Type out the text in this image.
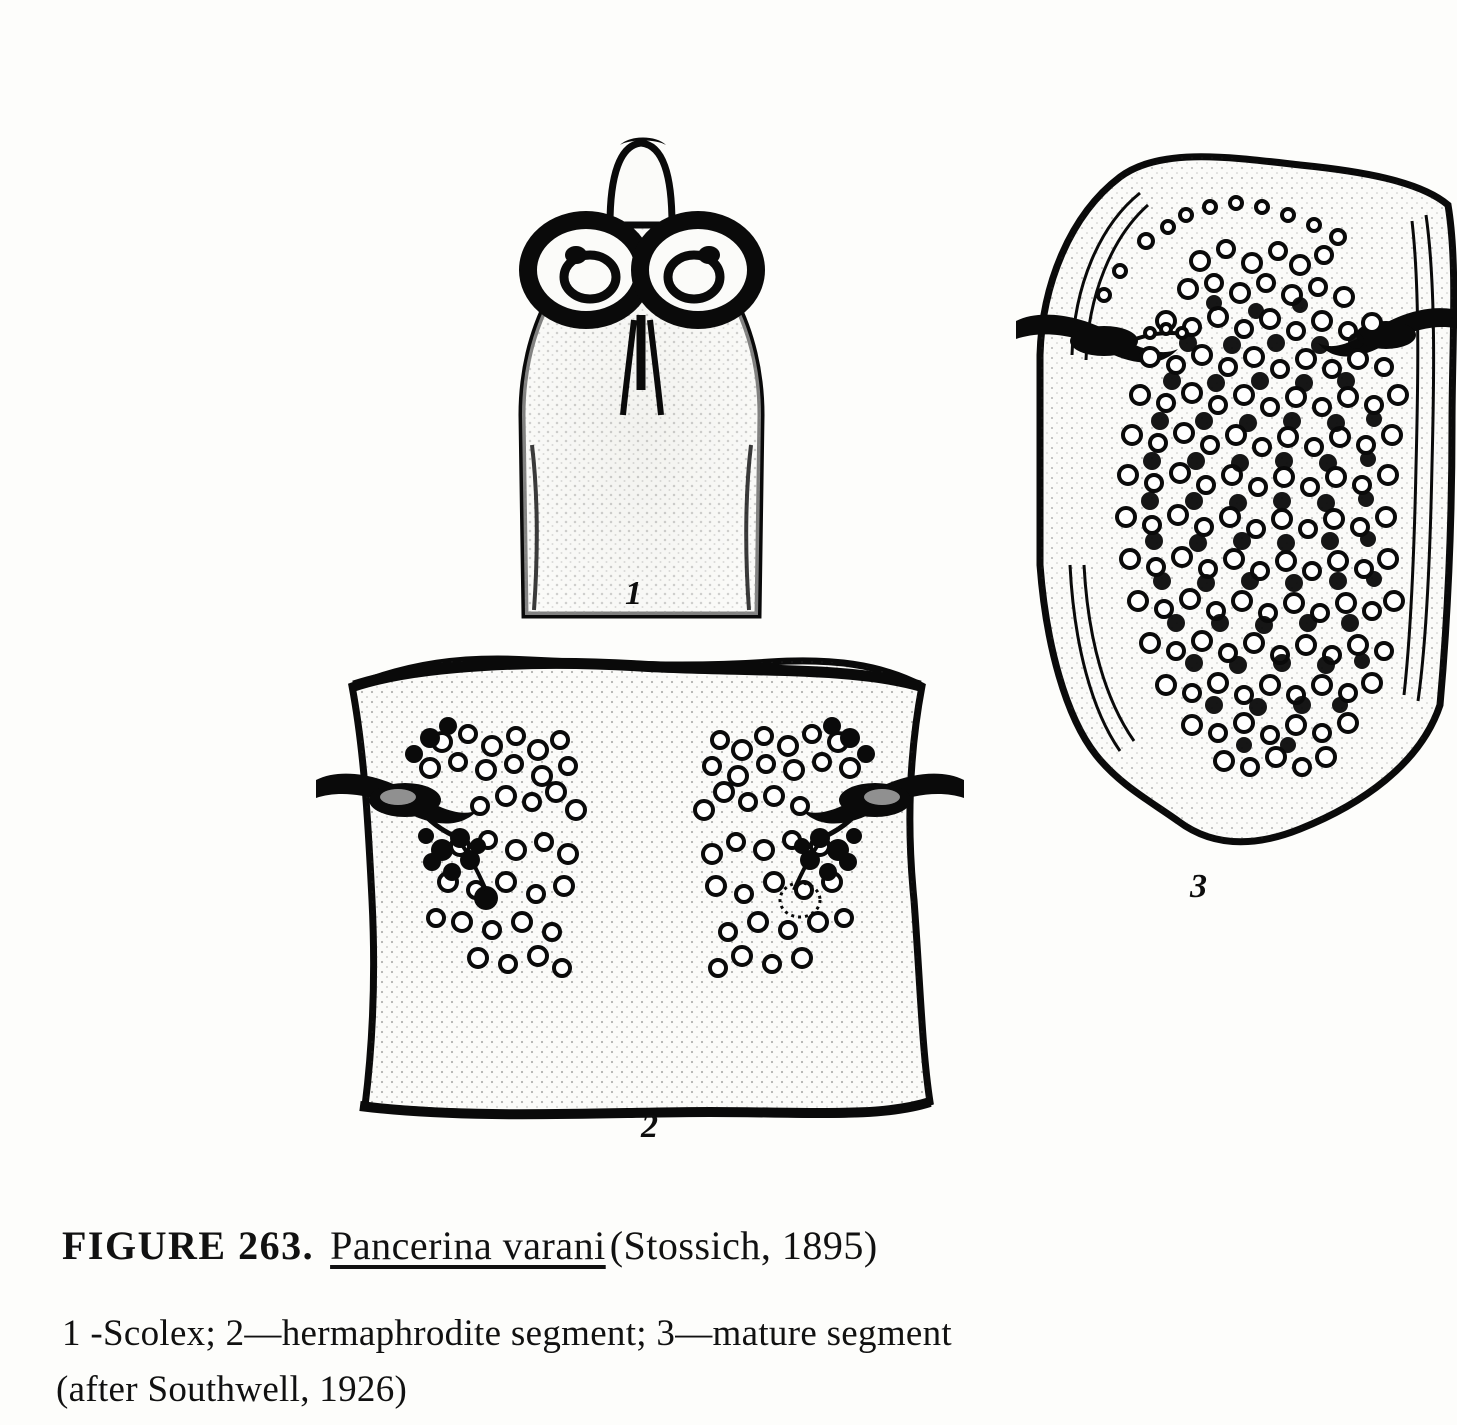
1
2
3
FIGURE 263. Pancerina varani (Stossich, 1895)
1 -Scolex; 2—hermaphrodite segment; 3—mature segment
(after Southwell, 1926)
